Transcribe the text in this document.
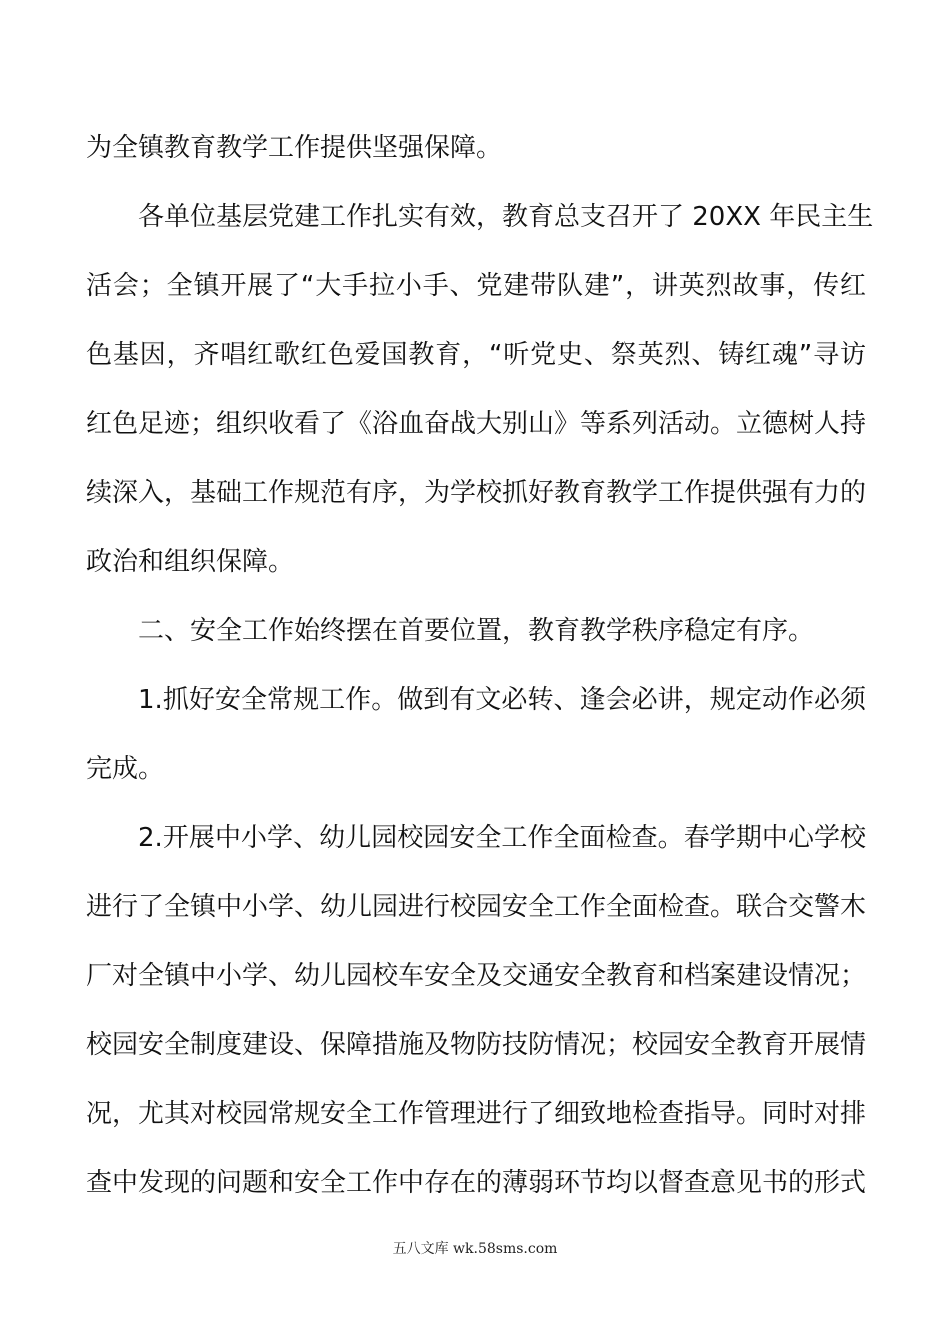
为全镇教育教学工作提供坚强保障。
各单位基层党建工作扎实有效，教育总支召开了 20XX 年民主生
活会；全镇开展了“大手拉小手、党建带队建”，讲英烈故事，传红
色基因，齐唱红歌红色爱国教育，“听党史、祭英烈、铸红魂”寻访
红色足迹；组织收看了《浴血奋战大别山》等系列活动。立德树人持
续深入，基础工作规范有序，为学校抓好教育教学工作提供强有力的
政治和组织保障。
二、安全工作始终摆在首要位置，教育教学秩序稳定有序。
1.抓好安全常规工作。做到有文必转、逢会必讲，规定动作必须
完成。
2.开展中小学、幼儿园校园安全工作全面检查。春学期中心学校
进行了全镇中小学、幼儿园进行校园安全工作全面检查。联合交警木
厂对全镇中小学、幼儿园校车安全及交通安全教育和档案建设情况；
校园安全制度建设、保障措施及物防技防情况；校园安全教育开展情
况，尤其对校园常规安全工作管理进行了细致地检查指导。同时对排
查中发现的问题和安全工作中存在的薄弱环节均以督查意见书的形式
五八文库 wk.58sms.com
